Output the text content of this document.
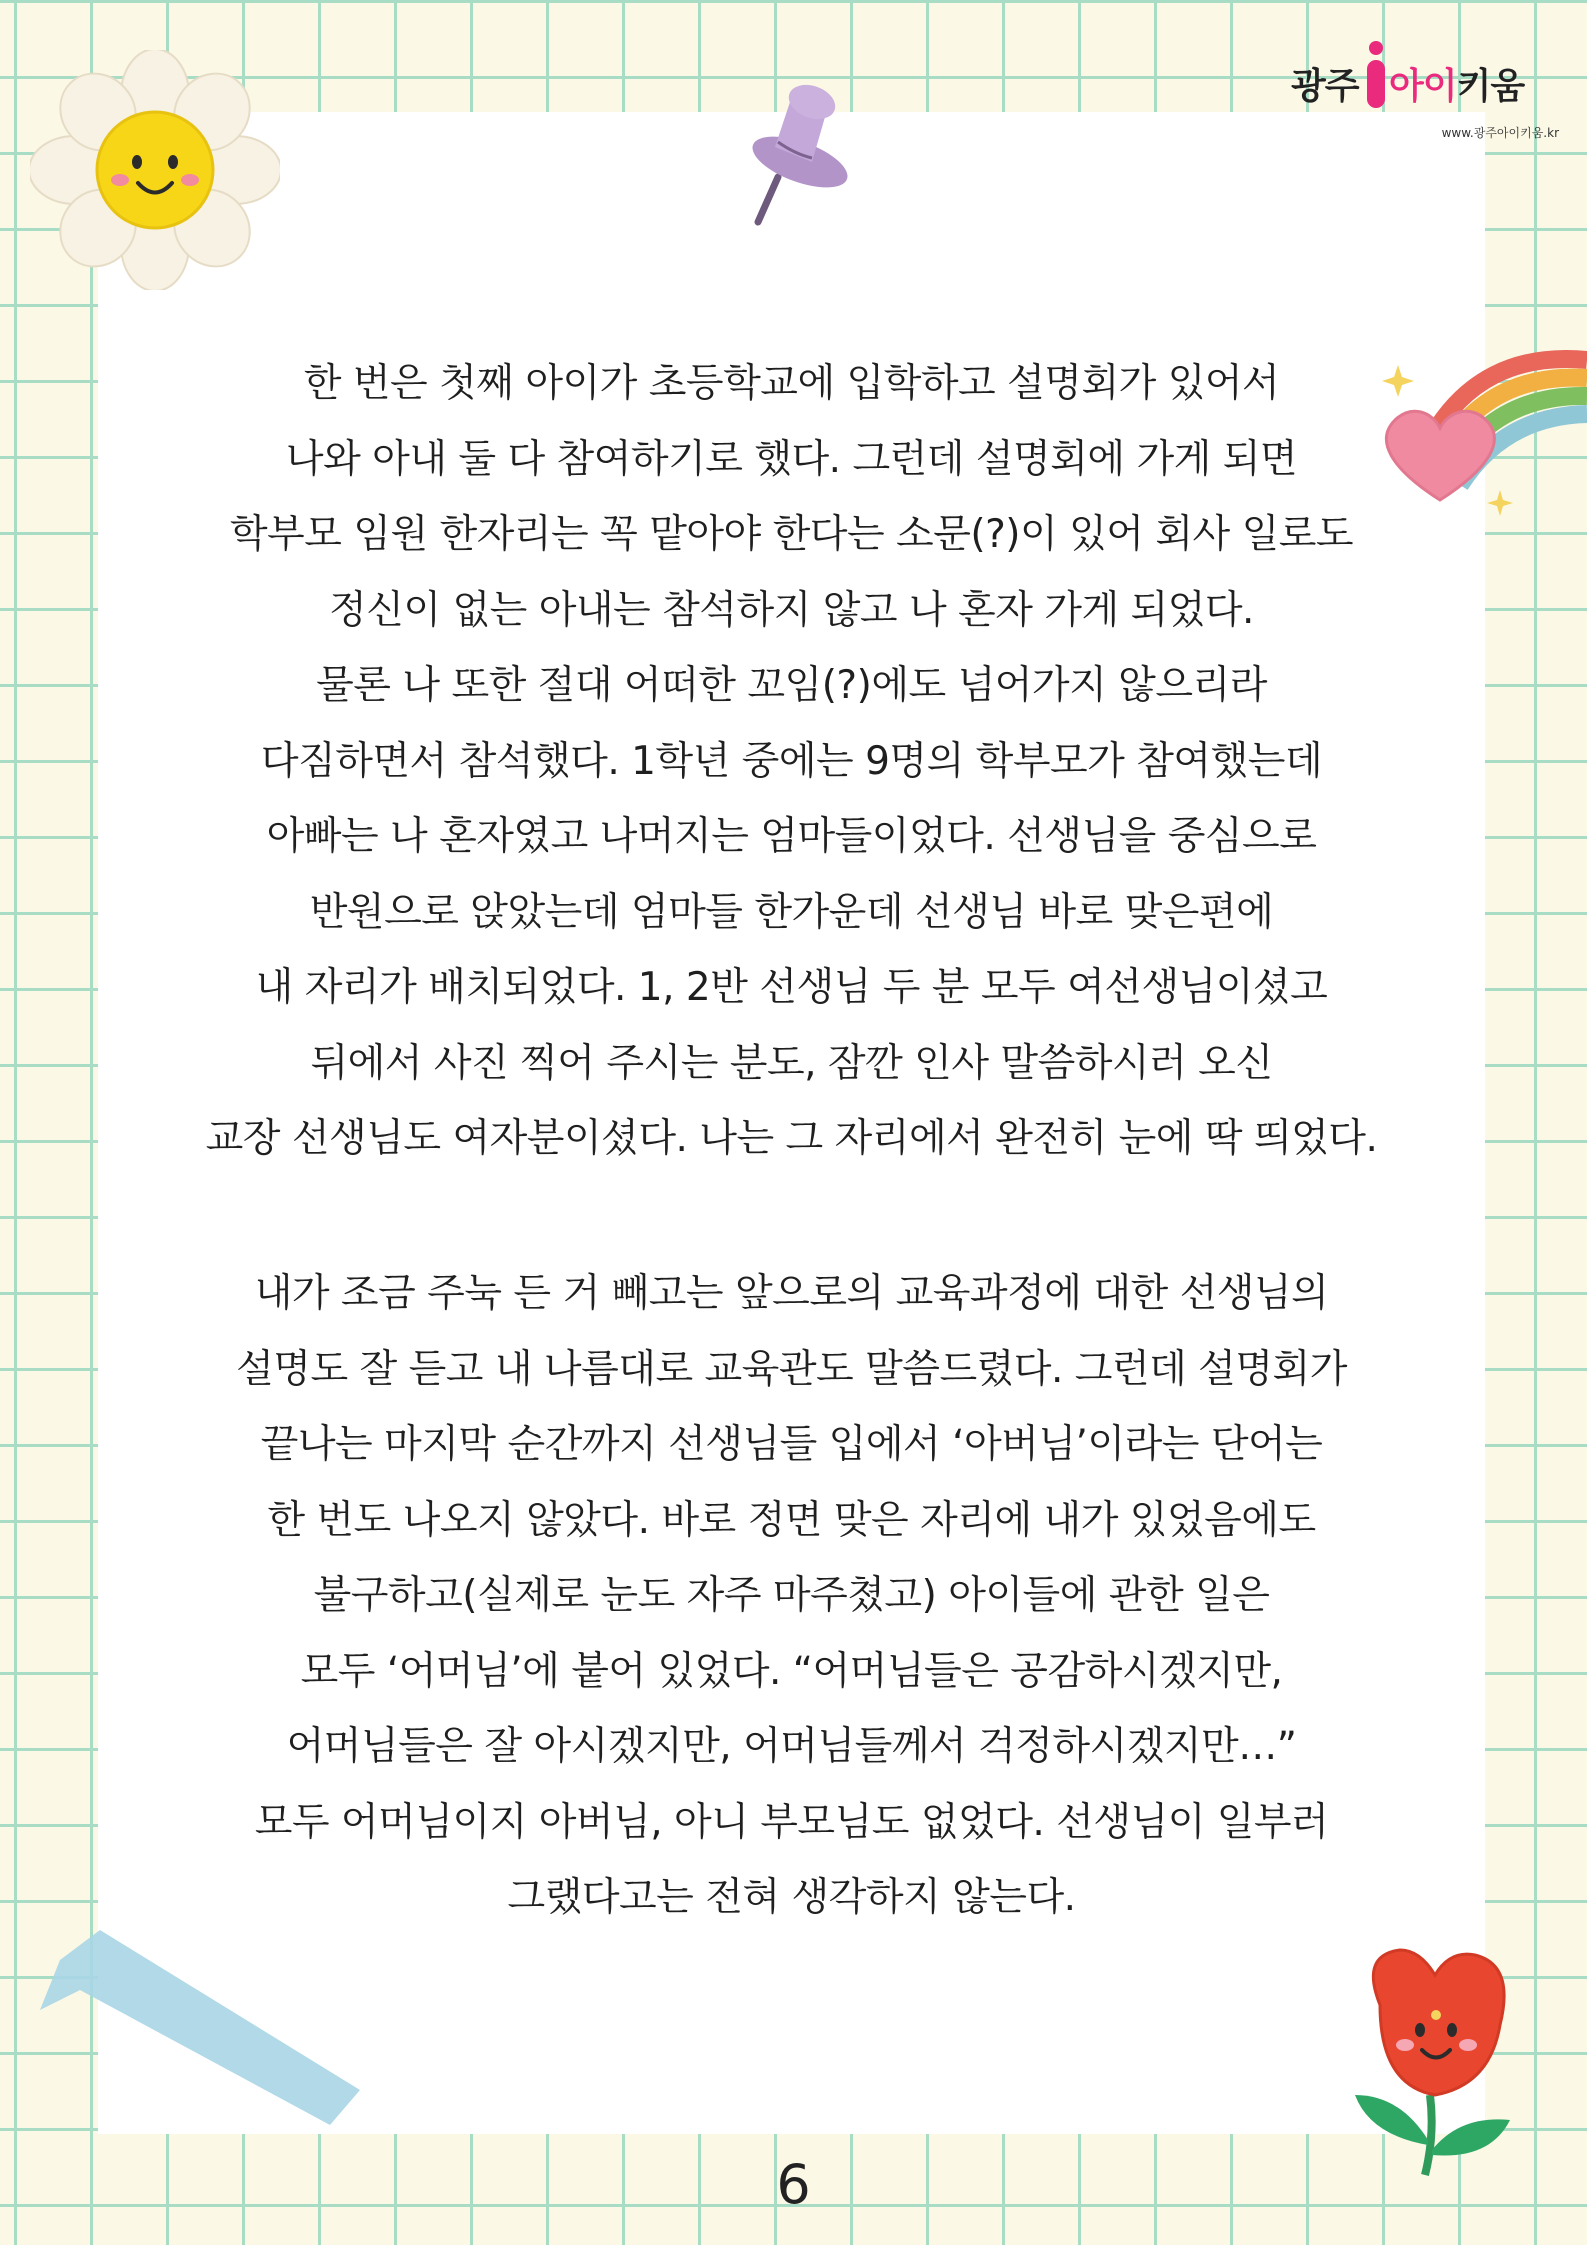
광주 아이키움
www.광주아이키움.kr
한 번은 첫째 아이가 초등학교에 입학하고 설명회가 있어서
나와 아내 둘 다 참여하기로 했다. 그런데 설명회에 가게 되면
학부모 임원 한자리는 꼭 맡아야 한다는 소문(?)이 있어 회사 일로도
정신이 없는 아내는 참석하지 않고 나 혼자 가게 되었다.
물론 나 또한 절대 어떠한 꼬임(?)에도 넘어가지 않으리라
다짐하면서 참석했다. 1학년 중에는 9명의 학부모가 참여했는데
아빠는 나 혼자였고 나머지는 엄마들이었다. 선생님을 중심으로
반원으로 앉았는데 엄마들 한가운데 선생님 바로 맞은편에
내 자리가 배치되었다. 1, 2반 선생님 두 분 모두 여선생님이셨고
뒤에서 사진 찍어 주시는 분도, 잠깐 인사 말씀하시러 오신
교장 선생님도 여자분이셨다. 나는 그 자리에서 완전히 눈에 딱 띄었다.
내가 조금 주눅 든 거 빼고는 앞으로의 교육과정에 대한 선생님의
설명도 잘 듣고 내 나름대로 교육관도 말씀드렸다. 그런데 설명회가
끝나는 마지막 순간까지 선생님들 입에서 ‘아버님’이라는 단어는
한 번도 나오지 않았다. 바로 정면 맞은 자리에 내가 있었음에도
불구하고(실제로 눈도 자주 마주쳤고) 아이들에 관한 일은
모두 ‘어머님’에 붙어 있었다. “어머님들은 공감하시겠지만,
어머님들은 잘 아시겠지만, 어머님들께서 걱정하시겠지만…”
모두 어머님이지 아버님, 아니 부모님도 없었다. 선생님이 일부러
그랬다고는 전혀 생각하지 않는다.
6
